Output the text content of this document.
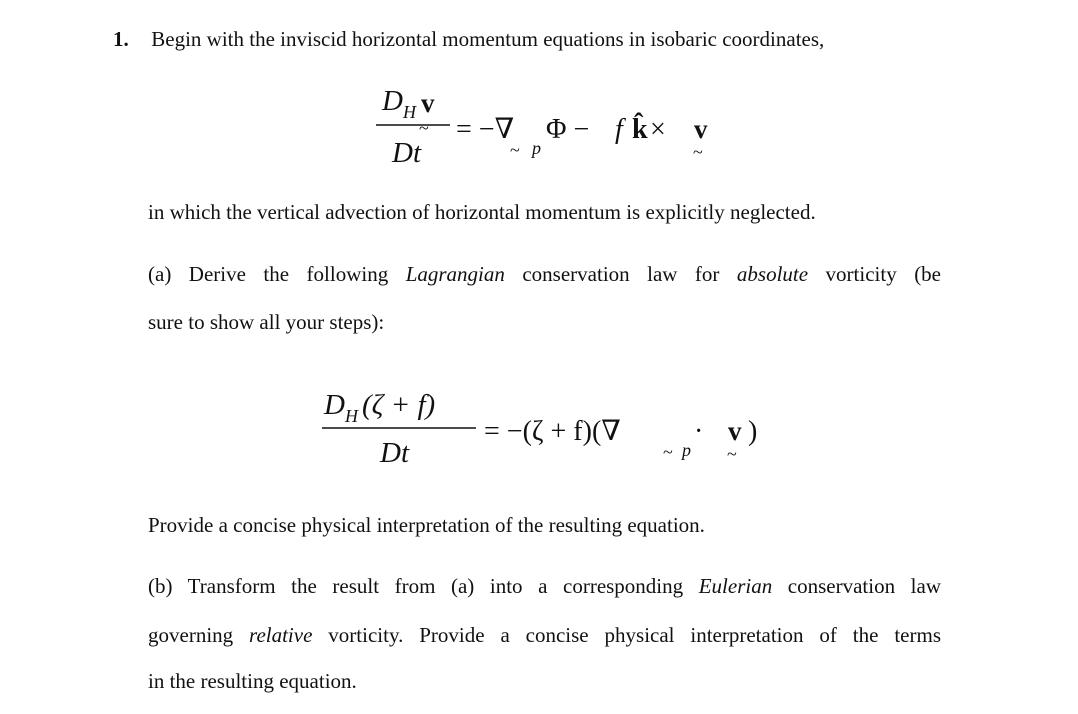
1. Begin with the inviscid horizontal momentum equations in isobaric coordinates,
D H v
~
Dt
= −∇
~ p
Φ − f k̂ × v
~
in which the vertical advection of horizontal momentum is explicitly neglected.
(a) Derive the following Lagrangian conservation law for absolute vorticity (be
sure to show all your steps):
D H (ζ + f)
Dt
= −(ζ + f)(∇
~ p
· v
~
)
Provide a concise physical interpretation of the resulting equation.
(b) Transform the result from (a) into a corresponding Eulerian conservation law
governing relative vorticity. Provide a concise physical interpretation of the terms
in the resulting equation.
